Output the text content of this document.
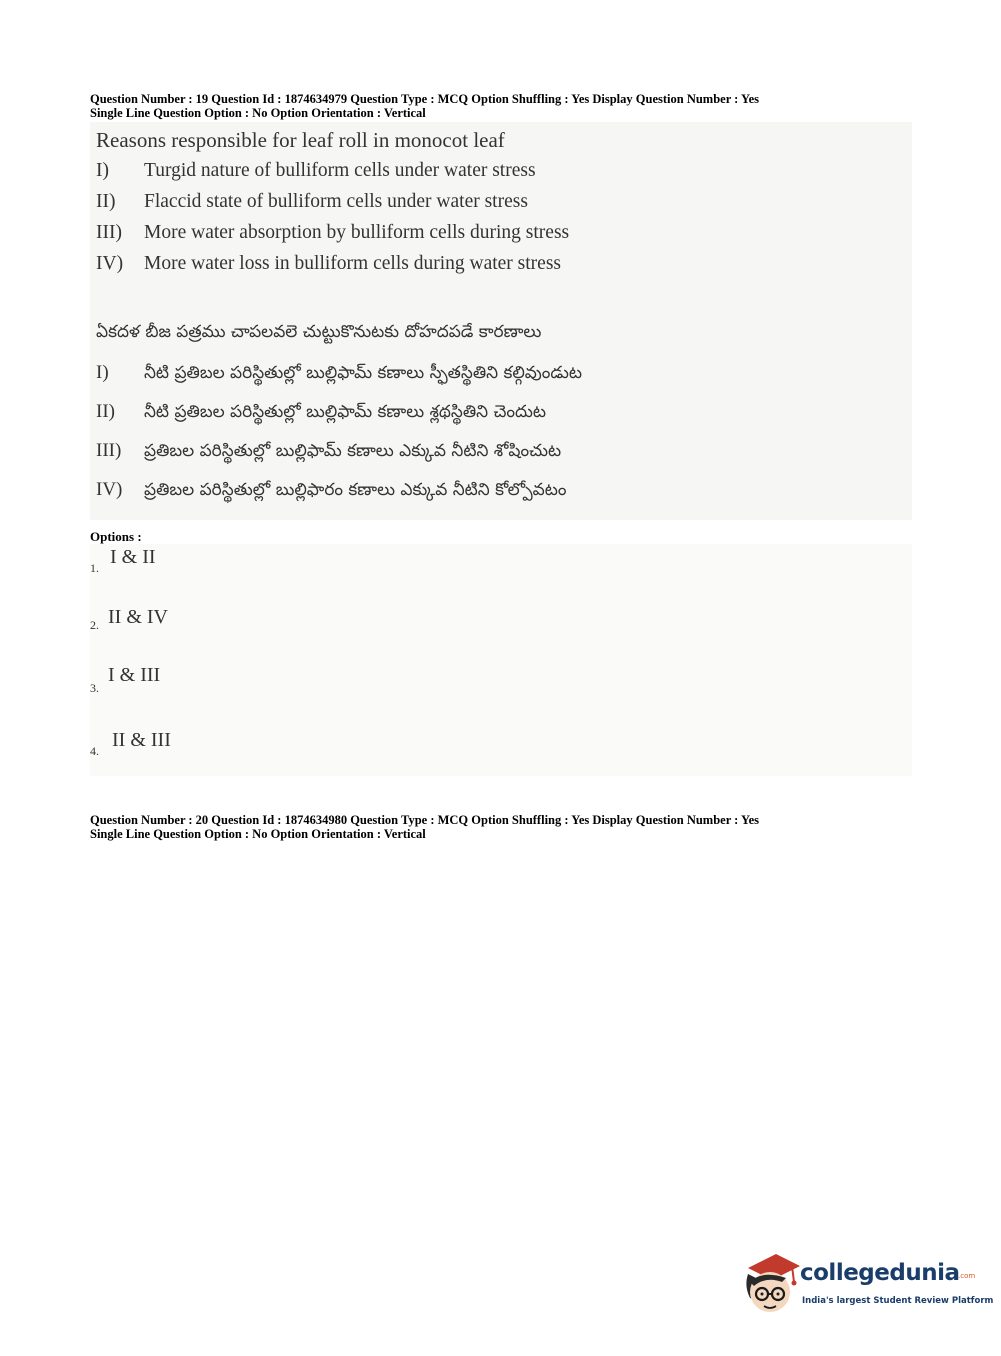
Question Number : 19 Question Id : 1874634979 Question Type : MCQ Option Shuffling : Yes Display Question Number : Yes
Single Line Question Option : No Option Orientation : Vertical
Reasons responsible for leaf roll in monocot leaf
I) Turgid nature of bulliform cells under water stress
II) Flaccid state of bulliform cells under water stress
III) More water absorption by bulliform cells during stress
IV) More water loss in bulliform cells during water stress
ఏకదళ బీజ పత్రము చాపలవలె చుట్టుకొనుటకు దోహదపడే కారణాలు
I) నీటి ప్రతిబల పరిస్థితుల్లో బుల్లిఫామ్ కణాలు స్ఫీతస్థితిని కల్గివుండుట
II) నీటి ప్రతిబల పరిస్థితుల్లో బుల్లిఫామ్ కణాలు శ్లథస్థితిని చెందుట
III) ప్రతిబల పరిస్థితుల్లో బుల్లిఫామ్ కణాలు ఎక్కువ నీటిని శోషించుట
IV) ప్రతిబల పరిస్థితుల్లో బుల్లిఫారం కణాలు ఎక్కువ నీటిని కోల్పోవటం
Options :
1. I & II
2. II & IV
3.
I & III
4. II & III
Question Number : 20 Question Id : 1874634980 Question Type : MCQ Option Shuffling : Yes Display Question Number : Yes
Single Line Question Option : No Option Orientation : Vertical
collegedunia
.com
India's largest Student Review Platform
